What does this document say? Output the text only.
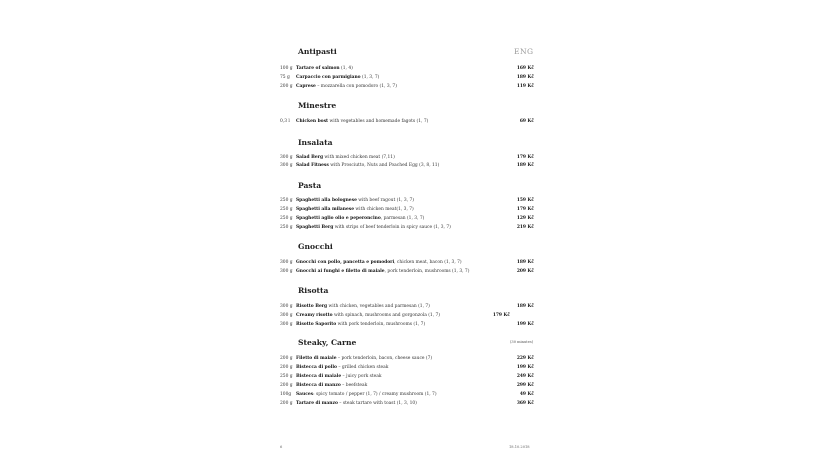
Antipasti	ENG
100 g Tartare of salmon (1, 4)	169 Kč
75 g Carpaccio con parmigiano (1, 3, 7)	189 Kč
200 g Caprese – mozzarella con pomodoro (1, 3, 7)	119 Kč
Minestre
0,3 l Chicken bost with vegetables and homemade fagots (1, 7)	69 Kč
Insalata
300 g Salad Berg with mixed chicken meat (7,11)	179 Kč
300 g Salad Fitness with Prosciutto, Nuts and Poached Egg (3, 8, 11)	189 Kč
Pasta
250 g Spaghetti alla bolognese with beef ragout (1, 3, 7)	159 Kč
250 g Spaghetti alla milanese with chicken meat(1, 3, 7)	179 Kč
250 g Spaghetti aglio olio e peperoncino, parmesan (1, 3, 7)	129 Kč
250 g Spaghetti Berg with strips of beef tenderloin in spicy sauce (1, 3, 7)	219 Kč
Gnocchi
300 g Gnocchi con pollo, pancetta e pomodori, chicken meat, bacon (1, 3, 7)	189 Kč
300 g Gnocchi ai funghi e filetto di maiale, pork tenderloin, mushrooms (1, 3, 7)	209 Kč
Risotta
300 g Risotto Berg with chicken, vegetables and parmesan (1, 7)	189 Kč
300 g Creamy risotto with spinach, mushrooms and gorgonzola (1, 7)	179 Kč
300 g Risotto Saporito with pork tenderloin, mushrooms (1, 7)	199 Kč
Steaky, Carne	(30 minutes)
200 g Filetto di maiale – pork tenderloin, bacon, cheese sauce (7)	229 Kč
200 g Bistecca di pollo – grilled chicken steak	199 Kč
250 g Bistecca di maiale – juicy pork steak	249 Kč
200 g Bistecca di manzo – beefsteak	299 Kč
100g Sauces: spicy tomato / pepper (1, 7) / creamy mushroom (1, 7)	49 Kč
200 g Tartare di manzo – steak tartare with toast (1, 3, 10)	369 Kč
6	18.10.2018
